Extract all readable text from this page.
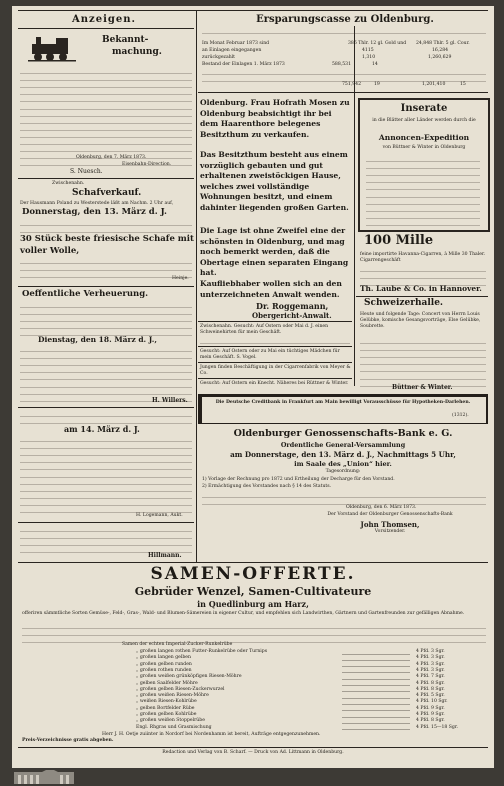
Anzeigen.
Bekannt-
machung.
Oldenburg, den 7. März 1873.
Eisenbahn-Direction.
S. Nuesch.
Zwischenahn.
Schafverkauf.
Der Hausmann Poland zu Westerstede läßt am Nachm. 2 Uhr auf,
Donnerstag, den 13. März d. J.
30 Stück beste friesische Schafe mit voller Wolle,
Heinje.
Oeffentliche Verheuerung.
Dienstag, den 18. März d. J.,
H. Willers.
am 14. März d. J.
H. Logemann, Aukt.
Hillmann.
Ersparungscasse zu Oldenburg.
Im Monat Februar 1873 sind	386 Thlr. 12 gl. Gold und 24,848 Thlr. 5 gl. Cour.
an Einlagen eingegangen	4115	16,284
zurückgezahlt	1,310	1,260,629
Bestand der Einlagen 1. März 1873	588,531	14
751,942	19	1,201,410	15
Oldenburg. Frau Hofrath Mosen zu Oldenburg beabsichtigt ihr bei dem Haarenthore belegenes Besitzthum zu verkaufen.
Das Besitzthum besteht aus einem vorzüglich gebauten und gut erhaltenen zweistöckigen Hause, welches zwei vollständige Wohnungen besitzt, und einem dahinter liegenden großen Garten.
Die Lage ist ohne Zweifel eine der schönsten in Oldenburg, und mag noch bemerkt werden, daß die Obertage einen separaten Eingang hat.
Kaufliebhaber wollen sich an den unterzeichneten Anwalt wenden.
Dr. Roggemann,
Obergericht-Anwalt.
Zwischenahn. Gesucht: Auf Ostern oder Mai d. J. einen Schweinehirten für mein Geschäft.
Gesucht: Auf Ostern oder zu Mai ein tüchtiges Mädchen für mein Geschäft. S. Vogel.
Jungen finden Beschäftigung in der Cigarrenfabrik von Meyer & Co.
Gesucht: Auf Ostern ein Knecht. Näheres bei Rüttner & Winter.
Inserate
in die Blätter aller Länder werden durch die
Annoncen-Expedition
von Büttner & Winter in Oldenburg
100 Mille
feine importirte Havanna-Cigarren, à Mille 30 Thaler. Cigarrengeschäft
Th. Laube & Co. in Hannover.
Schweizerhalle.
Heute und folgende Tage: Concert von Herrn Louis Gelübke, komische Gesangsvorträge, Else Gelübke, Soubrette.
Büttner & Winter.
Die Deutsche Creditbank in Frankfurt am Main bewilligt Vorausschüsse für Hypotheken-Darlehen.
(1312).
Oldenburger Genossenschafts-Bank e. G.
Ordentliche General-Versammlung
am Donnerstage, den 13. März d. J., Nachmittags 5 Uhr,
im Saale des „Union“ hier.
Tagesordnung:
1) Vorlage der Rechnung pro 1872 und Ertheilung der Decharge für den Vorstand.
2) Ermächtigung des Vorstandes nach § 14 des Statuts.
Oldenburg, den 6. März 1873.
Der Vorstand der Oldenburger Genossenschafts-Bank
John Thomsen,
Vorsitzender.
SAMEN-OFFERTE.
Gebrüder Wenzel, Samen-Cultivateure
in Quedlinburg am Harz,
offeriren sämmtliche Sorten Gemüse-, Feld-, Gras-, Wald- und Blumen-Sämereien in eigener Cultur, und empfehlen sich Landwirthen, Gärtnern und Gartenfreunden zur gefälligen Abnahme.
Samen der echten Imperial-Zucker-Runkelrübe
„ großen langen rothen Futter-Runkelrübe oder Turnips	4 Pfd. 3 Sgr.
„ großen langen gelben	4 Pfd. 3 Sgr.
„ großen gelben runden	4 Pfd. 3 Sgr.
„ großen rothen runden	4 Pfd. 3 Sgr.
„ großen weißen grünköpfigen Riesen-Möhre	4 Pfd. 7 Sgr.
„ gelben Saalfelder Möhre	4 Pfd. 8 Sgr.
„ großen gelben Riesen-Zuckerwurzel	4 Pfd. 8 Sgr.
„ großen weißen Riesen-Möhre	4 Pfd. 5 Sgr.
„ weißen Riesen-Kohlrübe	4 Pfd. 10 Sgr.
„ gelben Bortfelder Rübe	4 Pfd. 9 Sgr.
„ großen gelben Kohlrübe	4 Pfd. 9 Sgr.
„ großen weißen Stoppelrübe	4 Pfd. 8 Sgr.
Engl. Rhgras und Grasmischung	4 Pfd. 15—18 Sgr.
Herr J. H. Oetje zuiinter in Nordorf bei Nordenhamm ist bereit, Aufträge entgegenzunehmen.
Preis-Verzeichnisse gratis abgeben.
Redaction und Verlag von B. Scharf. — Druck von Ad. Littmann in Oldenburg.
